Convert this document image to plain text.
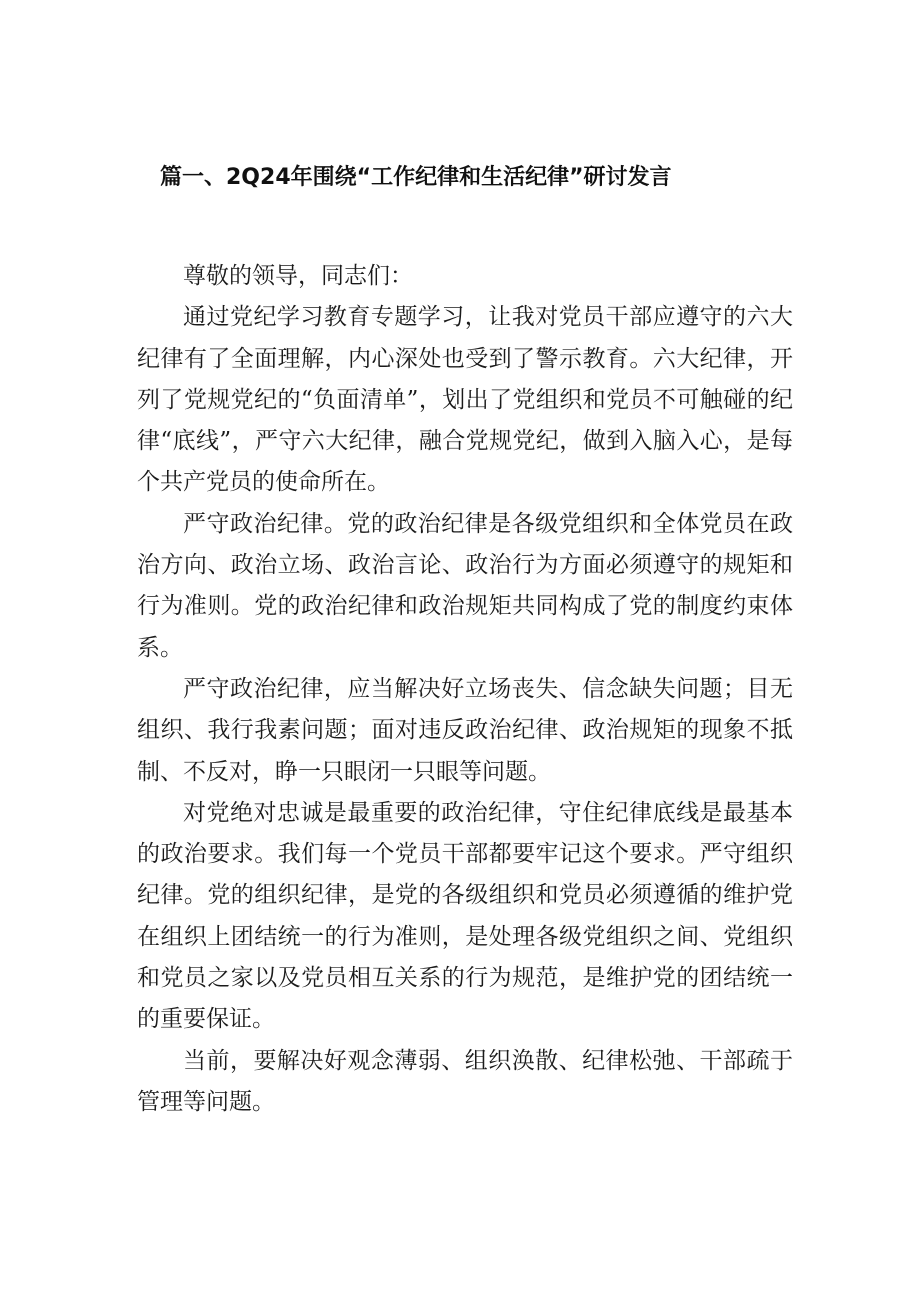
篇一、2Q24年围绕“工作纪律和生活纪律”研讨发言

尊敬的领导，同志们：

通过党纪学习教育专题学习，让我对党员干部应遵守的六大纪律有了全面理解，内心深处也受到了警示教育。六大纪律，开列了党规党纪的“负面清单”，划出了党组织和党员不可触碰的纪律“底线”，严守六大纪律，融合党规党纪，做到入脑入心，是每个共产党员的使命所在。

严守政治纪律。党的政治纪律是各级党组织和全体党员在政治方向、政治立场、政治言论、政治行为方面必须遵守的规矩和行为准则。党的政治纪律和政治规矩共同构成了党的制度约束体系。

严守政治纪律，应当解决好立场丧失、信念缺失问题；目无组织、我行我素问题；面对违反政治纪律、政治规矩的现象不抵制、不反对，睁一只眼闭一只眼等问题。

对党绝对忠诚是最重要的政治纪律，守住纪律底线是最基本的政治要求。我们每一个党员干部都要牢记这个要求。严守组织纪律。党的组织纪律，是党的各级组织和党员必须遵循的维护党在组织上团结统一的行为准则，是处理各级党组织之间、党组织和党员之家以及党员相互关系的行为规范，是维护党的团结统一的重要保证。

当前，要解决好观念薄弱、组织涣散、纪律松弛、干部疏于管理等问题。
